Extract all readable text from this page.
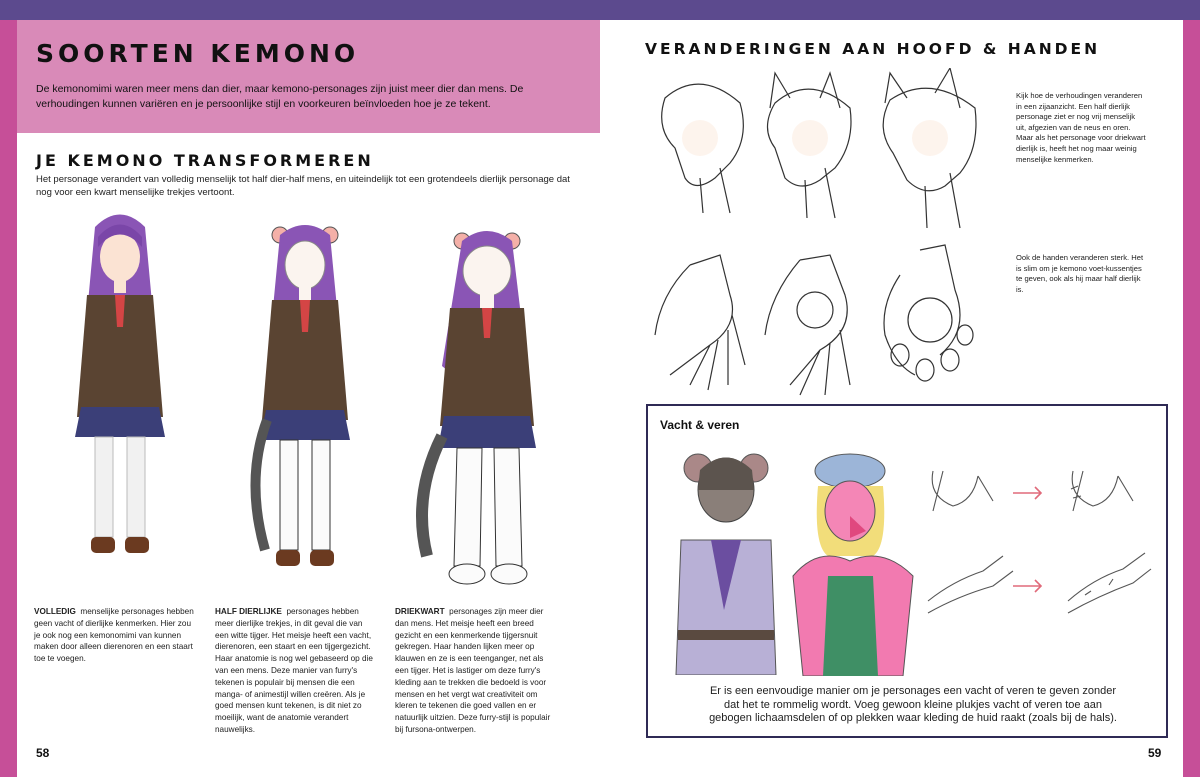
SOORTEN KEMONO
De kemonomimi waren meer mens dan dier, maar kemono-personages zijn juist meer dier dan mens. De verhoudingen kunnen variëren en je persoonlijke stijl en voorkeuren beïnvloeden hoe je ze tekent.
JE KEMONO TRANSFORMEREN
Het personage verandert van volledig menselijk tot half dier-half mens, en uiteindelijk tot een grotendeels dierlijk personage dat nog voor een kwart menselijke trekjes vertoont.
VOLLEDIG menselijke personages hebben geen vacht of dierlijke kenmerken. Hier zou je ook nog een kemonomimi van kunnen maken door alleen dierenoren en een staart toe te voegen.
HALF DIERLIJKE personages hebben meer dierlijke trekjes, in dit geval die van een witte tijger. Het meisje heeft een vacht, dierenoren, een staart en een tijgergezicht. Haar anatomie is nog wel gebaseerd op die van een mens. Deze manier van furry's tekenen is populair bij mensen die een manga- of animestijl willen creëren. Als je goed mensen kunt tekenen, is dit niet zo moeilijk, want de anatomie verandert nauwelijks.
DRIEKWART personages zijn meer dier dan mens. Het meisje heeft een breed gezicht en een kenmerkende tijgersnuit gekregen. Haar handen lijken meer op klauwen en ze is een teenganger, net als een tijger. Het is lastiger om deze furry's kleding aan te trekken die bedoeld is voor mensen en het vergt wat creativiteit om kleren te tekenen die goed vallen en er natuurlijk uitzien. Deze furry-stijl is populair bij fursona-ontwerpen.
58
VERANDERINGEN AAN HOOFD & HANDEN
Kijk hoe de verhoudingen veranderen in een zijaanzicht. Een half dierlijk personage ziet er nog vrij menselijk uit, afgezien van de neus en oren. Maar als het personage voor driekwart dierlijk is, heeft het nog maar weinig menselijke kenmerken.
Ook de handen veranderen sterk. Het is slim om je kemono voet-kussentjes te geven, ook als hij maar half dierlijk is.
Vacht & veren
Er is een eenvoudige manier om je personages een vacht of veren te geven zonder dat het te rommelig wordt. Voeg gewoon kleine plukjes vacht of veren toe aan gebogen lichaamsdelen of op plekken waar kleding de huid raakt (zoals bij de hals).
59
